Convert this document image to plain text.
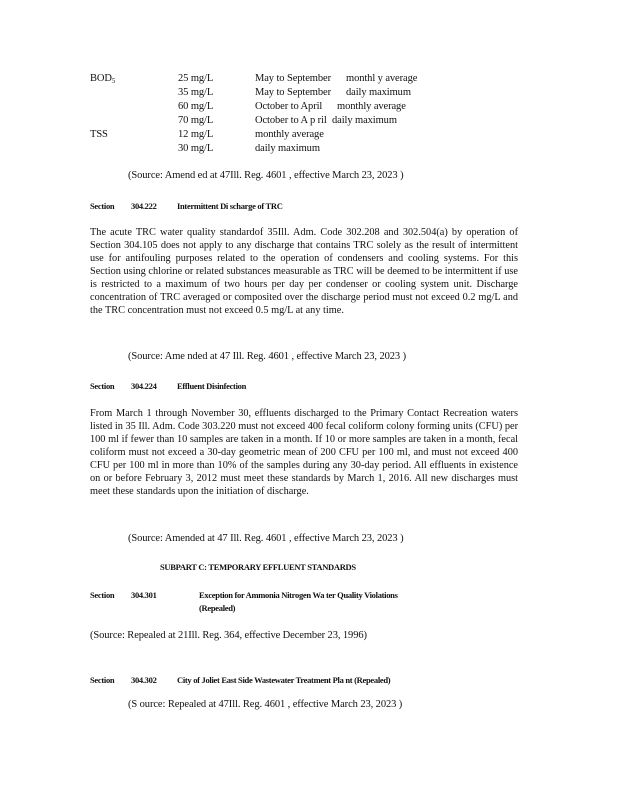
$BOD_5$	25 mg/L	May to September monthl y average
35 mg/L	May to September daily maximum
60 mg/L	October to April monthly average
70 mg/L	October to A p ril daily maximum
TSS	12 mg/L	monthly average
30 mg/L	daily maximum
(Source: Amend ed at 47Ill. Reg. 4601 , effective March 23, 2023 )
Section 304.222 Intermittent Di scharge of TRC

The acute TRC water quality standardof 35Ill. Adm. Code 302.208 and 302.504(a) by operation of Section 304.105 does not apply to any discharge that contains TRC solely as the result of intermittent use for antifouling purposes related to the operation of condensers and cooling systems. For this Section using chlorine or related substances measurable as TRC will be deemed to be intermittent if use is restricted to a maximum of two hours per day per condenser or cooling system unit. Discharge concentration of TRC averaged or composited over the discharge period must not exceed 0.2 mg/L and the TRC concentration must not exceed 0.5 mg/L at any time.

(Source: Ame nded at 47 Ill. Reg. 4601 , effective March 23, 2023 )
Section 304.224 Effluent Disinfection

From March 1 through November 30, effluents discharged to the Primary Contact Recreation waters listed in 35 Ill. Adm. Code 303.220 must not exceed 400 fecal coliform colony forming units (CFU) per 100 ml if fewer than 10 samples are taken in a month. If 10 or more samples are taken in a month, fecal coliform must not exceed a 30-day geometric mean of 200 CFU per 100 ml, and must not exceed 400 CFU per 100 ml in more than 10% of the samples during any 30-day period. All effluents in existence on or before February 3, 2012 must meet these standards by March 1, 2016. All new discharges must meet these standards upon the initiation of discharge.

(Source: Amended at 47 Ill. Reg. 4601 , effective March 23, 2023 )
SUBPART C: TEMPORARY EFFLUENT STANDARDS
Section 304.301	Exception for Ammonia Nitrogen Wa ter Quality Violations
(Repealed)
(Source: Repealed at 21Ill. Reg. 364, effective December 23, 1996)
Section 304.302 City of Joliet East Side Wastewater Treatment Pla nt (Repealed)
(S ource: Repealed at 47Ill. Reg. 4601 , effective March 23, 2023 )
